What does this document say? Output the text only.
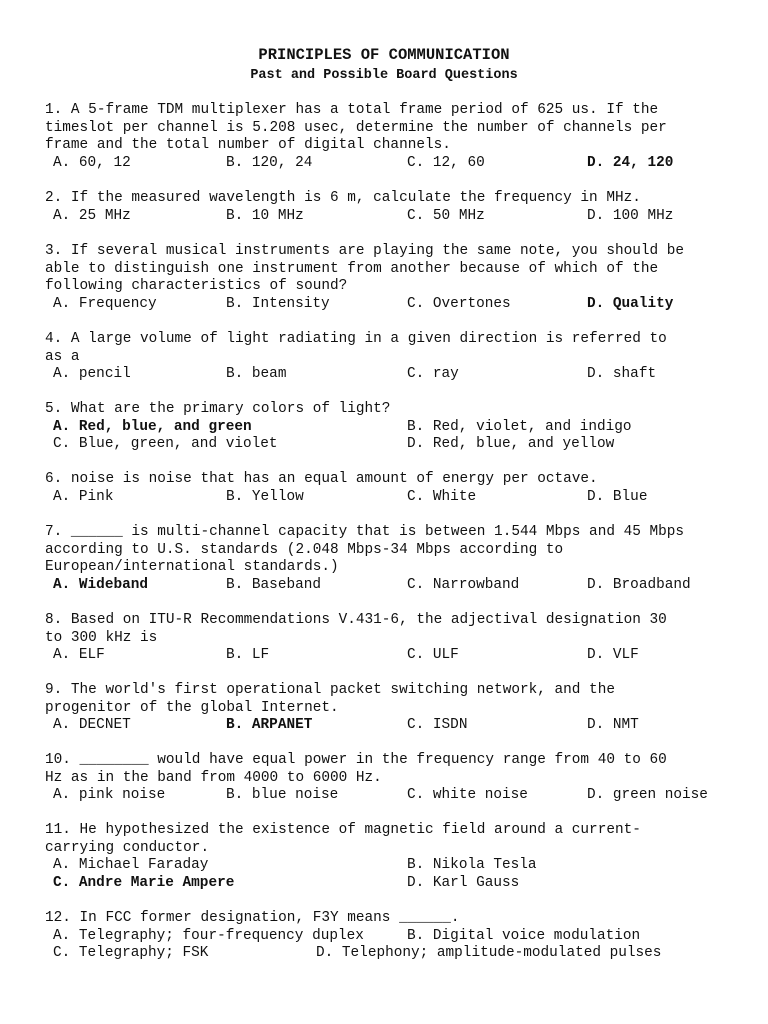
PRINCIPLES OF COMMUNICATION
Past and Possible Board Questions
1. A 5-frame TDM multiplexer has a total frame period of 625 us. If the
timeslot per channel is 5.208 usec, determine the number of channels per
frame and the total number of digital channels.
A. 60, 12	B. 120, 24	C. 12, 60	D. 24, 120
2. If the measured wavelength is 6 m, calculate the frequency in MHz.
A. 25 MHz	B. 10 MHz	C. 50 MHz	D. 100 MHz
3. If several musical instruments are playing the same note, you should be
able to distinguish one instrument from another because of which of the
following characteristics of sound?
A. Frequency	B. Intensity	C. Overtones	D. Quality
4. A large volume of light radiating in a given direction is referred to
as a
A. pencil	B. beam	C. ray	D. shaft
5. What are the primary colors of light?
A. Red, blue, and green	B. Red, violet, and indigo
C. Blue, green, and violet	D. Red, blue, and yellow
6. noise is noise that has an equal amount of energy per octave.
A. Pink	B. Yellow	C. White	D. Blue
7. ______ is multi-channel capacity that is between 1.544 Mbps and 45 Mbps
according to U.S. standards (2.048 Mbps-34 Mbps according to
European/international standards.)
A. Wideband	B. Baseband	C. Narrowband	D. Broadband
8. Based on ITU-R Recommendations V.431-6, the adjectival designation 30
to 300 kHz is
A. ELF	B. LF	C. ULF	D. VLF
9. The world's first operational packet switching network, and the
progenitor of the global Internet.
A. DECNET	B. ARPANET	C. ISDN	D. NMT
10. ________ would have equal power in the frequency range from 40 to 60
Hz as in the band from 4000 to 6000 Hz.
A. pink noise	B. blue noise	C. white noise	D. green noise
11. He hypothesized the existence of magnetic field around a current-
carrying conductor.
A. Michael Faraday	B. Nikola Tesla
C. Andre Marie Ampere	D. Karl Gauss
12. In FCC former designation, F3Y means ______.
A. Telegraphy; four-frequency duplex	B. Digital voice modulation
C. Telegraphy; FSK	D. Telephony; amplitude-modulated pulses
